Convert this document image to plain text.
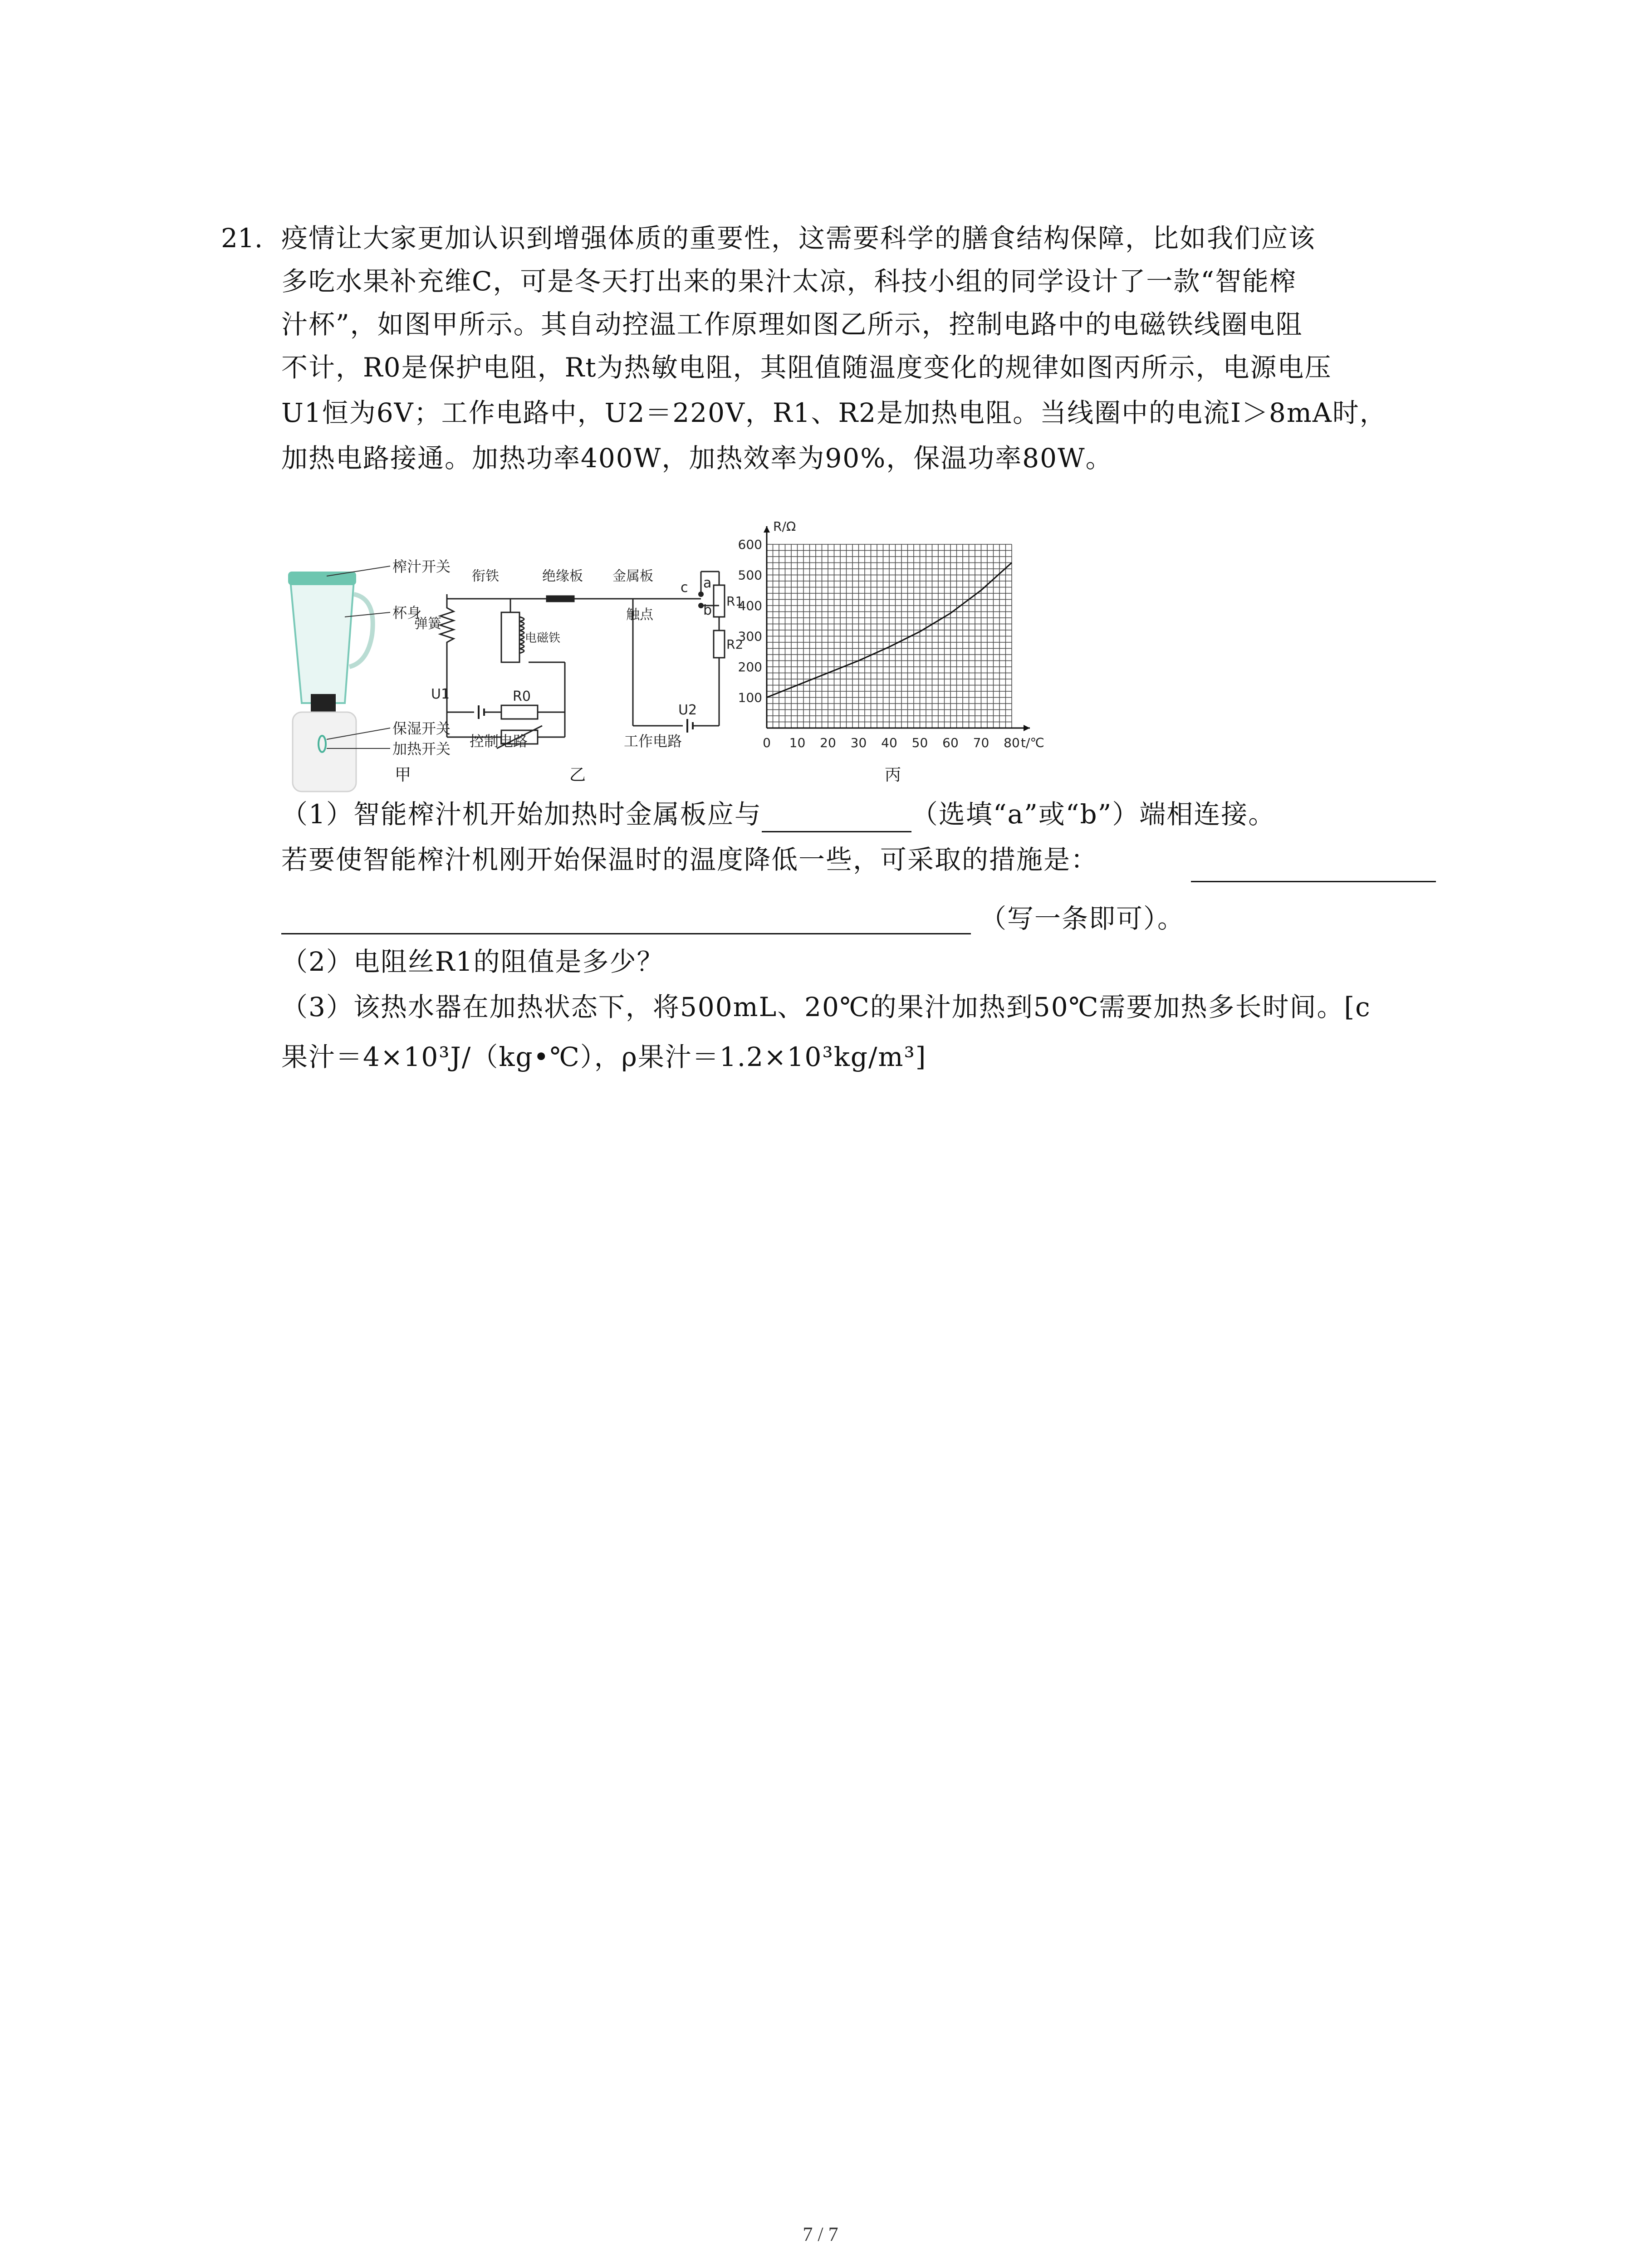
21. 疫情让大家更加认识到增强体质的重要性，这需要科学的膳食结构保障，比如我们应该
多吃水果补充维C，可是冬天打出来的果汁太凉，科技小组的同学设计了一款“智能榨
汁杯”，如图甲所示。其自动控温工作原理如图乙所示，控制电路中的电磁铁线圈电阻
不计，R0是保护电阻，Rt为热敏电阻，其阻值随温度变化的规律如图丙所示，电源电压
U1恒为6V；工作电路中，U2＝220V，R1、R2是加热电阻。当线圈中的电流I＞8mA时，
加热电路接通。加热功率400W，加热效率为90%，保温功率80W。
榨汁开关
杯身
保湿开关
加热开关
甲
衔铁	绝缘板 金属板
触点
弹簧
电磁铁
c a
b
R1
R2
R0
U1
U2
控制电路	工作电路
乙
0 10 20 30 40 50 60 70 80
100
200
300
400
500
600
t/℃
R/Ω
丙
（1）智能榨汁机开始加热时金属板应与	（选填“a”或“b”）端相连接。
若要使智能榨汁机刚开始保温时的温度降低一些，可采取的措施是：
（写一条即可）。
（2）电阻丝R1的阻值是多少？
（3）该热水器在加热状态下，将500mL、20℃的果汁加热到50℃需要加热多长时间。[c
果汁＝4×10³J/（kg•℃），ρ果汁＝1.2×10³kg/m³]
7 / 7
